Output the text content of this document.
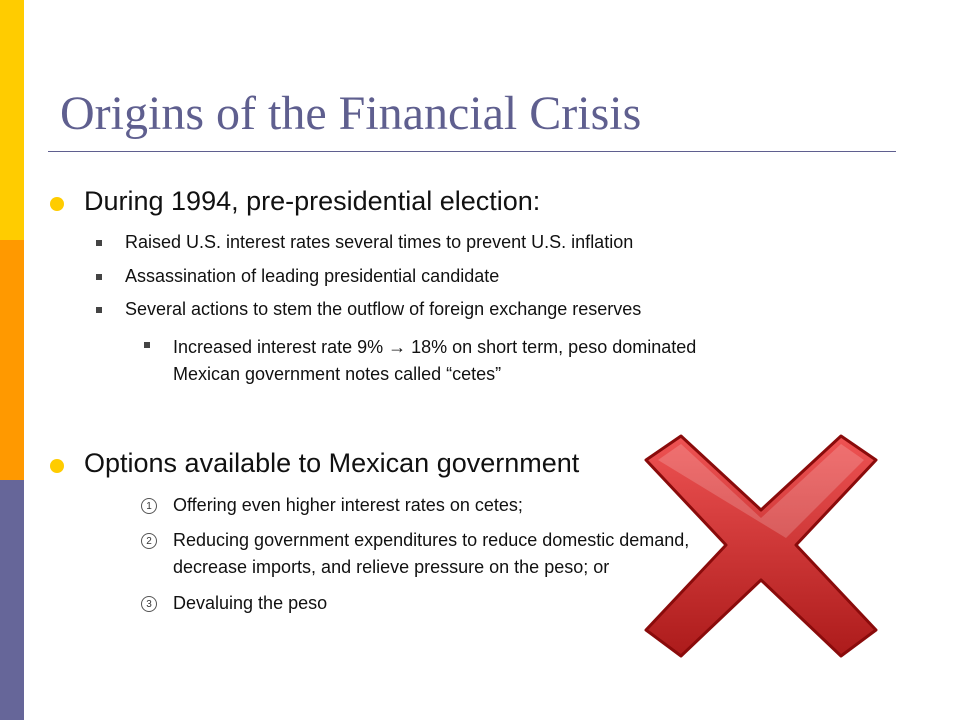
Origins of the Financial Crisis
During 1994, pre-presidential election:
Raised U.S. interest rates several times to prevent U.S. inflation
Assassination of leading presidential candidate
Several actions to stem the outflow of foreign exchange reserves
Increased interest rate 9% → 18% on short term, peso dominated
Mexican government notes called “cetes”
Options available to Mexican government
1 Offering even higher interest rates on cetes;
2 Reducing government expenditures to reduce domestic demand,
decrease imports, and relieve pressure on the peso; or
3 Devaluing the peso
